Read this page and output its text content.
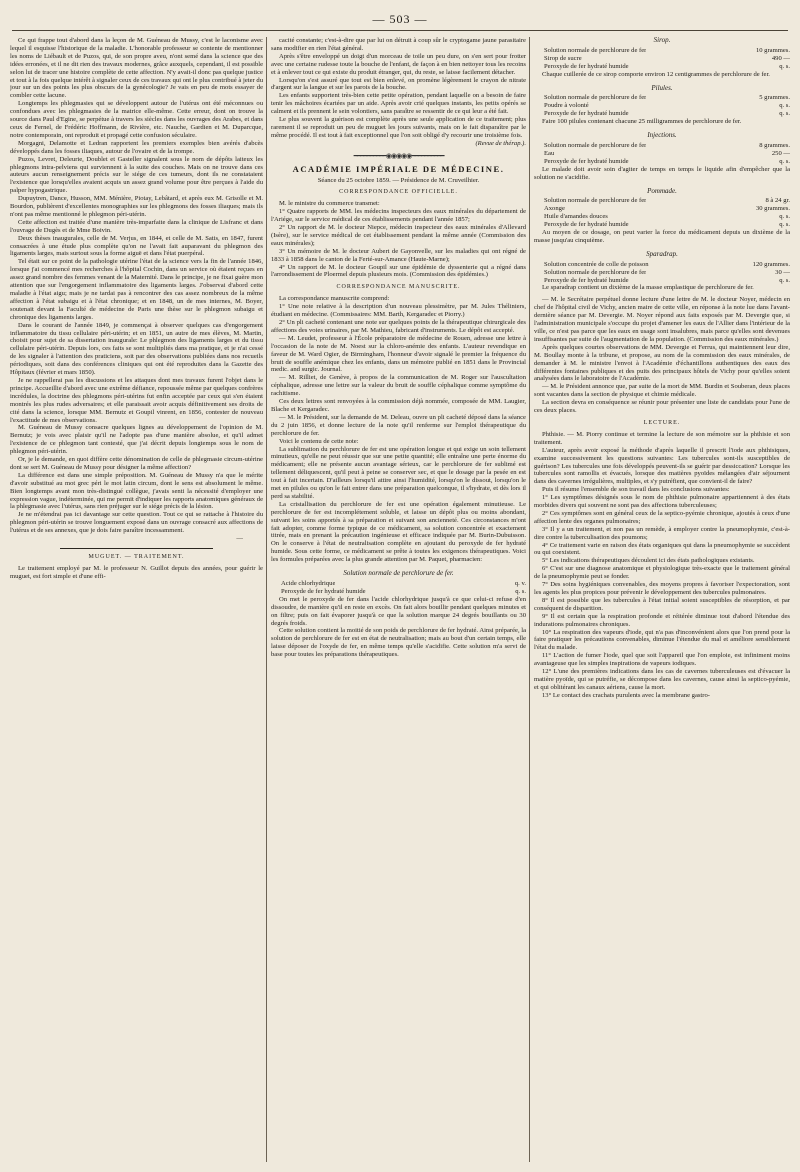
— 503 —

Ce qui frappe tout d'abord dans la leçon de M. Guéneau de Mussy, c'est le laconisme avec lequel il esquisse l'historique de la maladie. L'honorable professeur se contente de mentionner les noms de Liébault et de Puzos, qui, de son propre aveu, n'ont semé dans la science que des idées erronées, et il ne dit rien des travaux modernes, grâce auxquels, cependant, il est possible selon lui de tracer une histoire complète de cette affection. N'y avait-il donc pas quelque justice et tout à la fois quelque intérêt à signaler ceux de ces travaux qui ont le plus contribué à jeter du jour sur un des points les plus obscurs de la gynécologie? Je vais en peu de mots essayer de combler cette lacune.

Longtemps les phlegmasies qui se développent autour de l'utérus ont été méconnues ou confondues avec les phlegmasies de la matrice elle-même. Cette erreur, dont on trouve la source dans Paul d'Egine, se perpétue à travers les siècles dans les ouvrages des Arabes, et dans ceux de Fernel, de Frédéric Hoffmann, de Rivière, etc. Nauche, Gardien et M. Duparcque, notre contemporain, ont reproduit et propagé cette confusion séculaire.

Morgagni, Delamotte et Ledran rapportent les premiers exemples bien avérés d'abcès développés dans les fosses iliaques, autour de l'ovaire et de la trompe.

Puzos, Levret, Deleurie, Doublet et Gasteller signalent sous le nom de dépôts laiteux les phlegmons intra-pelviens qui surviennent à la suite des couches. Mais on ne trouve dans ces auteurs aucun renseignement précis sur le siége de ces tumeurs, dont ils ne constataient l'existence que lorsqu'elles avaient acquis un assez grand volume pour être perçues à l'aide du palper hypogastrique.

Dupuytren, Dance, Husson, MM. Ménière, Piotay, Lebâtard, et après eux M. Grisolle et M. Bourdon, publièrent d'excellentes monographies sur les phlegmons des fosses iliaques; mais ils n'ont pas même mentionné le phlegmon péri-utérin.

Cette affection est traitée d'une manière très-imparfaite dans la clinique de Lisfranc et dans l'ouvrage de Dugès et de Mme Boivin.

Deux thèses inaugurales, celle de M. Verjus, en 1844, et celle de M. Satis, en 1847, furent consacrées à une étude plus complète qu'on ne l'avait fait auparavant du phlegmon des ligaments larges, mais surtout sous la forme aiguë et dans l'état puerpéral.

Tel était sur ce point de la pathologie utérine l'état de la science vers la fin de l'année 1846, lorsque j'ai commencé mes recherches à l'hôpital Cochin, dans un service où étaient reçues en assez grand nombre des femmes venant de la Maternité. Dans le principe, je ne fixai guère mon attention que sur l'engorgement inflammatoire des ligaments larges. J'observai d'abord cette maladie à l'état aigu; mais je ne tardai pas à rencontrer des cas assez nombreux de la même affection à l'état subaigu et à l'état chronique; et en 1848, un de mes internes, M. Boyer, soutenait devant la Faculté de médecine de Paris une thèse sur le phlegmon subaigu et chronique des ligaments larges.

Dans le courant de l'année 1849, je commençai à observer quelques cas d'engorgement inflammatoire du tissu cellulaire péri-utérin; et en 1851, un autre de mes élèves, M. Martin, choisit pour sujet de sa dissertation inaugurale: Le phlegmon des ligaments larges et du tissu cellulaire péri-utérin. Depuis lors, ces faits se sont multipliés dans ma pratique, et je n'ai cessé de les signaler à l'attention des praticiens, soit par des observations publiées dans nos recueils périodiques, soit dans des conférences cliniques qui ont été reproduites dans la Gazette des Hôpitaux (février et mars 1850).

Je ne rappellerai pas les discussions et les attaques dont mes travaux furent l'objet dans le principe. Accueillie d'abord avec une extrême défiance, repoussée même par quelques confrères incrédules, la doctrine des phlegmons péri-utérins fut enfin acceptée par ceux qui s'en étaient montrés les plus rudes adversaires; et elle paraissait avoir acquis définitivement ses droits de cité dans la science, lorsque MM. Bernutz et Goupil vinrent, en 1856, contester de nouveau l'exactitude de mes observations.

M. Guéneau de Mussy consacre quelques lignes au développement de l'opinion de M. Bernutz; je vois avec plaisir qu'il ne l'adopte pas d'une manière absolue, et qu'il admet l'existence de ce phlegmon tant contesté, que j'ai décrit depuis longtemps sous le nom de phlegmon péri-utérin.

Or, je le demande, en quoi diffère cette dénomination de celle de phlegmasie circum-utérine dont se sert M. Guéneau de Mussy pour désigner la même affection?

La différence est dans une simple préposition. M. Guéneau de Mussy n'a que le mérite d'avoir substitué au mot grec péri le mot latin circum, dont le sens est absolument le même. Bien longtemps avant mon très-distingué collègue, j'avais senti la nécessité d'employer une expression vague, indéterminée, qui me permit d'indiquer les rapports anatomiques généraux de la phlegmasie avec l'utérus, sans rien préjuger sur le siége précis de la lésion.

Je ne m'étendrai pas ici davantage sur cette question. Tout ce qui se rattache à l'histoire du phlegmon péri-utérin se trouve longuement exposé dans un ouvrage consacré aux affections de l'utérus et de ses annexes, que je dois faire paraître incessamment.

—

MUGUET. — TRAITEMENT.

Le traitement employé par M. le professeur N. Guillot depuis des années, pour guérir le muguet, est fort simple et d'une effi-

cacité constante; c'est-à-dire que par lui on détruit à coup sûr le cryptogame jaune parasitaire sans modifier en rien l'état général.

Après s'être enveloppé un doigt d'un morceau de toile un peu dure, on s'en sert pour frotter avec une certaine rudesse toute la bouche de l'enfant, de façon à en bien nettoyer tous les recoins et à enlever tout ce qui existe du produit étranger, qui, du reste, se laisse facilement détacher.

Lorsqu'on s'est assuré que tout est bien enlevé, on promène légèrement le crayon de nitrate d'argent sur la langue et sur les parois de la bouche.

Les enfants supportent très-bien cette petite opération, pendant laquelle on a besoin de faire tenir les mâchoires écartées par un aide. Après avoir crié quelques instants, les petits opérés se calment et ils prennent le sein volontiers, sans paraître se ressentir de ce qui leur a été fait.

Le plus souvent la guérison est complète après une seule application de ce traitement; plus rarement il se reproduit un peu de muguet les jours suivants, mais on le fait disparaître par le même procédé. Il est tout à fait exceptionnel que l'on soit obligé d'y recourir une troisième fois.

(Revue de thérap.).

━━━━━━━━━━◉◉◉◉◉━━━━━━━━━━
ACADÉMIE IMPÉRIALE DE MÉDECINE.

Séance du 25 octobre 1859. — Présidence de M. Cruveilhier.

CORRESPONDANCE OFFICIELLE.

M. le ministre du commerce transmet:

1° Quatre rapports de MM. les médecins inspecteurs des eaux minérales du département de l'Ariége, sur le service médical de ces établissements pendant l'année 1857;

2° Un rapport de M. le docteur Niepce, médecin inspecteur des eaux minérales d'Allevard (Isère), sur le service médical de cet établissement pendant la même année (Commission des eaux minérales);

3° Un mémoire de M. le docteur Aubert de Gayonvelle, sur les maladies qui ont régné de 1833 à 1858 dans le canton de la Ferté-sur-Amance (Haute-Marne);

4° Un rapport de M. le docteur Goupil sur une épidémie de dyssenterie qui a régné dans l'arrondissement de Ploermel depuis plusieurs mois. (Commission des épidémies.)

CORRESPONDANCE MANUSCRITE.

La correspondance manuscrite comprend:

1° Une note relative à la description d'un nouveau plessimètre, par M. Jules Théliniers, étudiant en médecine. (Commissaires: MM. Barth, Kergaradec et Piorry.)

2° Un pli cacheté contenant une note sur quelques points de la thérapeutique chirurgicale des affections des voies urinaires, par M. Mathieu, fabricant d'instruments. Le dépôt est accepté.

— M. Leudet, professeur à l'École préparatoire de médecine de Rouen, adresse une lettre à l'occasion de la note de M. Noest sur la chloro-anémie des enfants. L'auteur revendique en faveur de M. Ward Ogier, de Birmingham, l'honneur d'avoir signalé le premier la fréquence du bruit de souffle anémique chez les enfants, dans un mémoire publié en 1851 dans le Provincial medic. and surgic. Journal.

— M. Rilliet, de Genève, à propos de la communication de M. Roger sur l'auscultation céphalique, adresse une lettre sur la valeur du bruit de souffle céphalique comme symptôme du rachitisme.

Ces deux lettres sont renvoyées à la commission déjà nommée, composée de MM. Laugier, Blache et Kergaradec.

— M. le Président, sur la demande de M. Deleau, ouvre un pli cacheté déposé dans la séance du 2 juin 1856, et donne lecture de la note qu'il renferme sur l'emploi thérapeutique du perchlorure de fer.

Voici le contenu de cette note:

La sublimation du perchlorure de fer est une opération longue et qui exige un soin tellement minutieux, qu'elle ne peut réussir que sur une petite quantité; elle entraîne une perte énorme du médicament; elle ne présente aucun avantage sérieux, car le perchlorure de fer sublimé est tellement déliquescent, qu'il peut à peine se conserver sec, et que le dosage par la pesée en est tout à fait incertain. D'ailleurs lorsqu'il attire ainsi l'humidité, lorsqu'on le dissout, lorsqu'on le met en pilules ou qu'on le fait entrer dans une préparation quelconque, il s'hydrate, et dès lors il perd sa stabilité.

La cristallisation du perchlorure de fer est une opération également minutieuse. Le perchlorure de fer est incomplétement soluble, et laisse un dépôt plus ou moins abondant, suivant les soins apportés à sa préparation et suivant son ancienneté. Ces circonstances m'ont fait adopter, comme forme typique de ce médicament, sa solution concentrée et exactement titrée, mais en prenant la précaution ingénieuse et efficace indiquée par M. Burin-Dubuisson. On le conserve à l'état de neutralisation complète en ajoutant du peroxyde de fer hydraté humide. Sous cette forme, ce médicament se prête à toutes les exigences thérapeutiques. Voici les formules préparées avec la plus grande attention par M. Paquet, pharmacien:

Solution normale de perchlorure de fer.
Acide chlorhydrique	q. v.
Peroxyde de fer hydraté humide	q. s.

On met le peroxyde de fer dans l'acide chlorhydrique jusqu'à ce que celui-ci refuse d'en dissoudre, de manière qu'il en reste en excès. On fait alors bouillir pendant quelques minutes et on filtre; puis on fait évaporer jusqu'à ce que la solution marque 24 degrés bouillants ou 30 degrés froids.

Cette solution contient la moitié de son poids de perchlorure de fer hydraté. Ainsi préparée, la solution de perchlorure de fer est en état de neutralisation; mais au bout d'un certain temps, elle laisse déposer de l'oxyde de fer, en même temps qu'elle s'acidifie. Cette solution m'a servi de base pour toutes les préparations thérapeutiques.

Sirop.
Solution normale de perchlorure de fer	10 grammes.
Sirop de sucre	490 —
Peroxyde de fer hydraté humide	q. s.

Chaque cuillerée de ce sirop comporte environ 12 centigrammes de perchlorure de fer.

Pilules.
Solution normale de perchlorure de fer	5 grammes.
Poudre à volonté	q. s.
Peroxyde de fer hydraté humide	q. s.

Faire 100 pilules contenant chacune 25 milligrammes de perchlorure de fer.

Injections.
Solution normale de perchlorure de fer	8 grammes.
Eau	250 —
Peroxyde de fer hydraté humide	q. s.

Le malade doit avoir soin d'agiter de temps en temps le liquide afin d'empêcher que la solution ne s'acidifie.

Pommade.
Solution normale de perchlorure de fer	8 à 24 gr.
Axonge	30 grammes.
Huile d'amandes douces	q. s.
Peroxyde de fer hydraté humide	q. s.

Au moyen de ce dosage, on peut varier la force du médicament depuis un dixième de la masse jusqu'au cinquième.

Sparadrap.
Solution concentrée de colle de poisson	120 grammes.
Solution normale de perchlorure de fer	30 —
Peroxyde de fer hydraté humide	q. s.

Le sparadrap contient un dixième de la masse emplastique de perchlorure de fer.

— M. le Secrétaire perpétuel donne lecture d'une lettre de M. le docteur Noyer, médecin en chef de l'hôpital civil de Vichy, ancien maire de cette ville, en réponse à la note lue dans l'avant-dernière séance par M. Devergie. M. Noyer répond aux faits exposés par M. Devergie que, si l'administration municipale s'occupe du projet d'amener les eaux de l'Allier dans l'intérieur de la ville, ce n'est pas parce que les eaux en usage sont insalubres, mais parce qu'elles sont devenues insuffisantes par suite de l'augmentation de la population. (Commission des eaux minérales.)

Après quelques courtes observations de MM. Devergie et Ferrus, qui maintiennent leur dire, M. Boullay monte à la tribune, et propose, au nom de la commission des eaux minérales, de demander à M. le ministre l'envoi à l'Académie d'échantillons authentiques des eaux des différentes fontaines publiques et des puits des principaux hôtels de Vichy pour qu'elles soient analysées dans le laboratoire de l'Académie.

— M. le Président annonce que, par suite de la mort de MM. Burdin et Souberan, deux places sont vacantes dans la section de physique et chimie médicale.

La section devra en conséquence se réunir pour présenter une liste de candidats pour l'une de ces deux places.

LECTURE.

Phthisie. — M. Piorry continue et termine la lecture de son mémoire sur la phthisie et son traitement.

L'auteur, après avoir exposé la méthode d'après laquelle il prescrit l'iode aux phthisiques, examine successivement les questions suivantes: Les tubercules sont-ils susceptibles de guérison? Les tubercules une fois développés peuvent-ils se guérir par dessiccation? Lorsque les tubercules sont ramollis et évacués, lorsque des matières pyoïdes mélangées d'air séjournent dans des cavernes irrégulières, multiples, et s'y putréfient, que convient-il de faire?

Puis il résume l'ensemble de son travail dans les conclusions suivantes:

1° Les symptômes désignés sous le nom de phthisie pulmonaire appartiennent à des états morbides divers qui souvent ne sont pas des affections tuberculeuses;

2° Ces symptômes sont en général ceux de la septico-pyémie chronique, ajoutés à ceux d'une affection lente des organes pulmonaires;

3° Il y a un traitement, et non pas un remède, à employer contre la pneumophymie, c'est-à-dire contre la tuberculisation des poumons;

4° Ce traitement varie en raison des états organiques qui dans la pneumophymie se succèdent ou qui coexistent.

5° Les indications thérapeutiques découlent ici des états pathologiques existants.

6° C'est sur une diagnose anatomique et physiologique très-exacte que le traitement général de la pneumophymie peut se fonder.

7° Des soins hygiéniques convenables, des moyens propres à favoriser l'expectoration, sont les agents les plus propices pour prévenir le développement des tubercules pulmonaires.

8° Il est possible que les tubercules à l'état initial soient susceptibles de résorption, et par conséquent de disparition.

9° Il est certain que la respiration profonde et réitérée diminue tout d'abord l'étendue des indurations pulmonaires chroniques.

10° La respiration des vapeurs d'iode, qui n'a pas d'inconvénient alors que l'on prend pour la faire pratiquer les précautions convenables, diminue l'étendue du mal et améliore sensiblement l'état du malade.

11° L'action de fumer l'iode, quel que soit l'appareil que l'on emploie, est infiniment moins avantageuse que les simples inspirations de vapeurs iodiques.

12° L'une des premières indications dans les cas de cavernes tuberculeuses est d'évacuer la matière pyoïde, qui se putréfie, se décompose dans les cavernes, cause ainsi la septico-pyémie, et qui oblitérant les canaux aériens, cause la mort.

13° Le contact des crachats purulents avec la membrane gastro-
